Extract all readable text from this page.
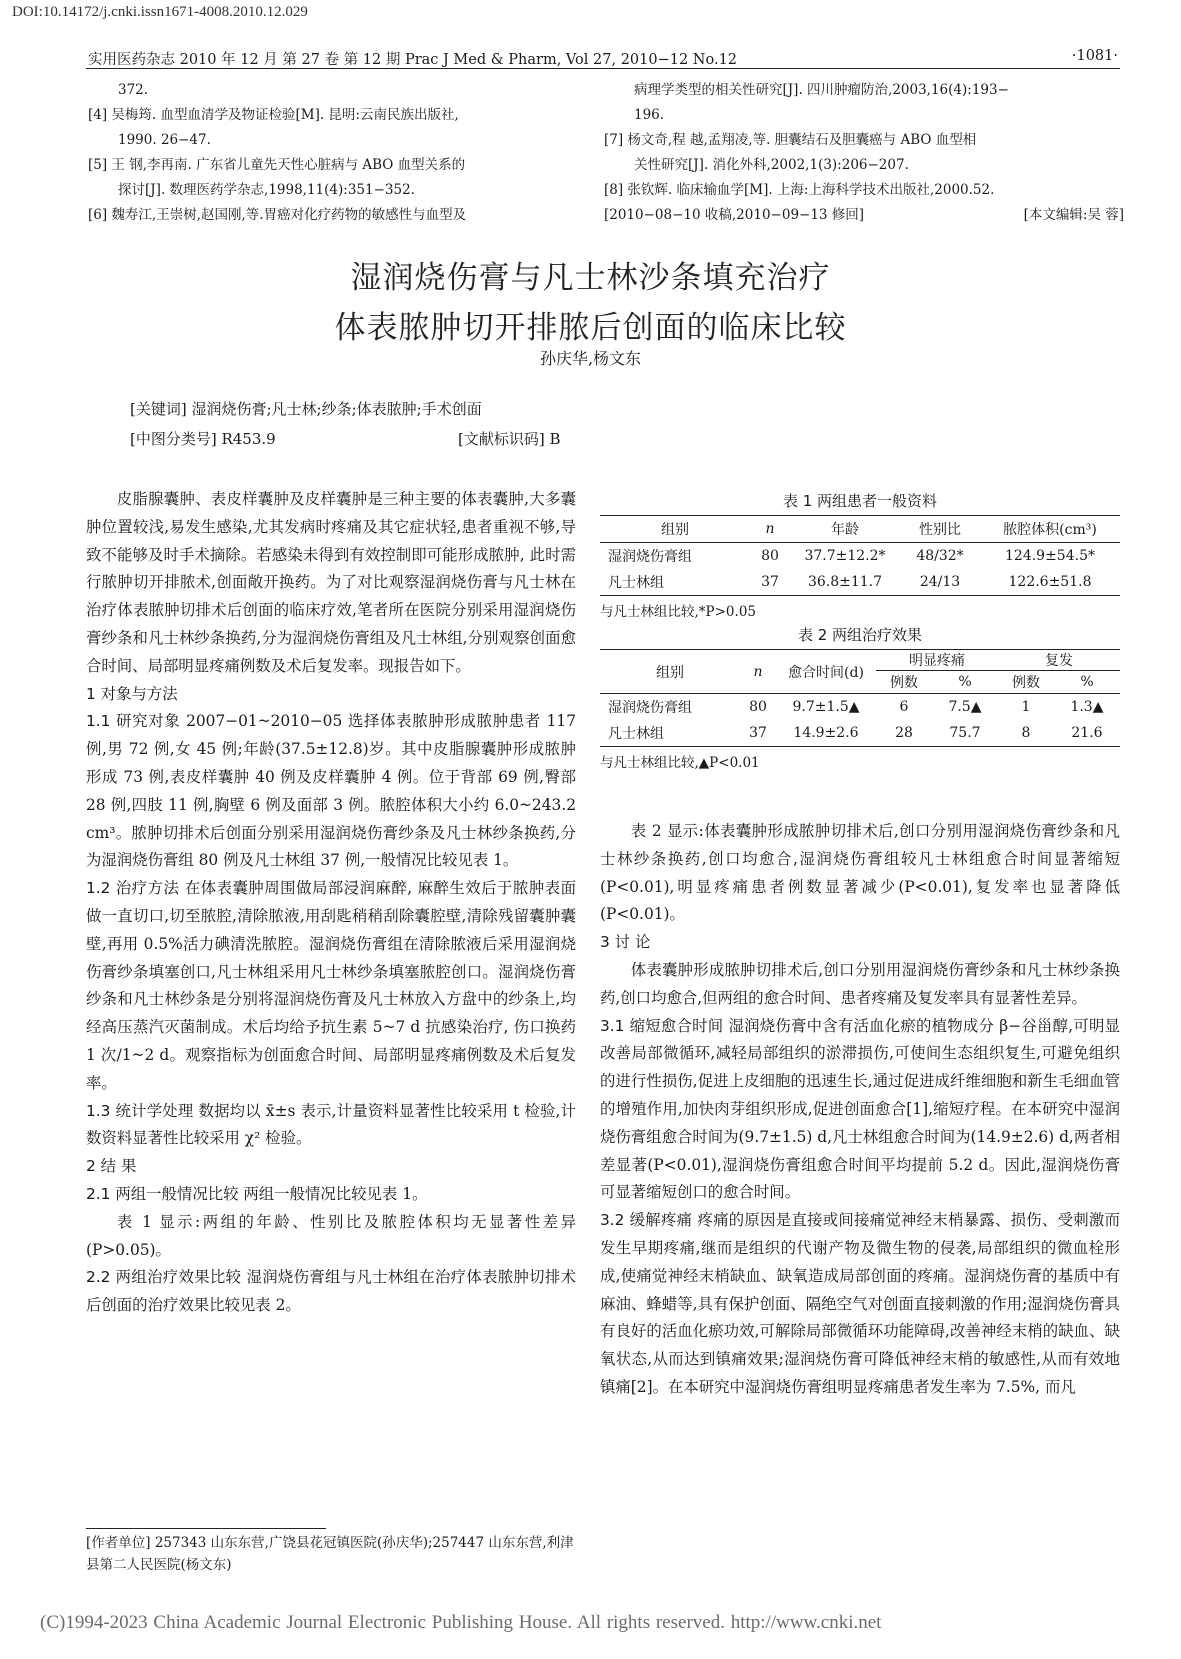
DOI:10.14172/j.cnki.issn1671-4008.2010.12.029
实用医药杂志 2010 年 12 月 第 27 卷 第 12 期 Prac J Med & Pharm, Vol 27, 2010−12 No.12	·1081·

372.

[4] 吴梅筠. 血型血清学及物证检验[M]. 昆明:云南民族出版社,

1990. 26−47.

[5] 王 钢,李再南. 广东省儿童先天性心脏病与 ABO 血型关系的

探讨[J]. 数理医药学杂志,1998,11(4):351−352.

[6] 魏寿江,王崇树,赵国刚,等.胃癌对化疗药物的敏感性与血型及

病理学类型的相关性研究[J]. 四川肿瘤防治,2003,16(4):193−

196.

[7] 杨文奇,程 越,孟翔凌,等. 胆囊结石及胆囊癌与 ABO 血型相

关性研究[J]. 消化外科,2002,1(3):206−207.

[8] 张钦辉. 临床输血学[M]. 上海:上海科学技术出版社,2000.52.

[2010−08−10 收稿,2010−09−13 修回]	[本文编辑:吴 蓉]

湿润烧伤膏与凡士林沙条填充治疗
体表脓肿切开排脓后创面的临床比较
孙庆华,杨文东
[关键词] 湿润烧伤膏;凡士林;纱条;体表脓肿;手术创面
[中图分类号] R453.9	[文献标识码] B

皮脂腺囊肿、表皮样囊肿及皮样囊肿是三种主要的体表囊肿,大多囊肿位置较浅,易发生感染,尤其发病时疼痛及其它症状轻,患者重视不够,导致不能够及时手术摘除。若感染未得到有效控制即可能形成脓肿, 此时需行脓肿切开排脓术,创面敞开换药。为了对比观察湿润烧伤膏与凡士林在治疗体表脓肿切排术后创面的临床疗效,笔者所在医院分别采用湿润烧伤膏纱条和凡士林纱条换药,分为湿润烧伤膏组及凡士林组,分别观察创面愈合时间、局部明显疼痛例数及术后复发率。现报告如下。

1 对象与方法

1.1 研究对象 2007−01~2010−05 选择体表脓肿形成脓肿患者 117 例,男 72 例,女 45 例;年龄(37.5±12.8)岁。其中皮脂腺囊肿形成脓肿形成 73 例,表皮样囊肿 40 例及皮样囊肿 4 例。位于背部 69 例,臀部 28 例,四肢 11 例,胸壁 6 例及面部 3 例。脓腔体积大小约 6.0~243.2 cm³。脓肿切排术后创面分别采用湿润烧伤膏纱条及凡士林纱条换药,分为湿润烧伤膏组 80 例及凡士林组 37 例,一般情况比较见表 1。

1.2 治疗方法 在体表囊肿周围做局部浸润麻醉, 麻醉生效后于脓肿表面做一直切口,切至脓腔,清除脓液,用刮匙稍稍刮除囊腔壁,清除残留囊肿囊壁,再用 0.5%活力碘清洗脓腔。湿润烧伤膏组在清除脓液后采用湿润烧伤膏纱条填塞创口,凡士林组采用凡士林纱条填塞脓腔创口。湿润烧伤膏纱条和凡士林纱条是分别将湿润烧伤膏及凡士林放入方盘中的纱条上,均经高压蒸汽灭菌制成。术后均给予抗生素 5~7 d 抗感染治疗, 伤口换药 1 次/1~2 d。观察指标为创面愈合时间、局部明显疼痛例数及术后复发率。

1.3 统计学处理 数据均以 x̄±s 表示,计量资料显著性比较采用 t 检验,计数资料显著性比较采用 χ² 检验。

2 结 果

2.1 两组一般情况比较 两组一般情况比较见表 1。

表 1 显示:两组的年龄、性别比及脓腔体积均无显著性差异(P>0.05)。

2.2 两组治疗效果比较 湿润烧伤膏组与凡士林组在治疗体表脓肿切排术后创面的治疗效果比较见表 2。

表 1 两组患者一般资料
组别	n	年龄	性别比	脓腔体积(cm³)
湿润烧伤膏组	80	37.7±12.2*	48/32*	124.9±54.5*
凡士林组	37	36.8±11.7	24/13	122.6±51.8
与凡士林组比较,*P>0.05
表 2 两组治疗效果
组别	n	愈合时间(d)	明显疼痛		复发	
			例数	%	例数	%
湿润烧伤膏组	80	9.7±1.5▲	6	7.5▲	1	1.3▲
凡士林组	37	14.9±2.6	28	75.7	8	21.6
与凡士林组比较,▲P<0.01

表 2 显示:体表囊肿形成脓肿切排术后,创口分别用湿润烧伤膏纱条和凡士林纱条换药,创口均愈合,湿润烧伤膏组较凡士林组愈合时间显著缩短(P<0.01),明显疼痛患者例数显著减少(P<0.01),复发率也显著降低(P<0.01)。

3 讨 论

体表囊肿形成脓肿切排术后,创口分别用湿润烧伤膏纱条和凡士林纱条换药,创口均愈合,但两组的愈合时间、患者疼痛及复发率具有显著性差异。

3.1 缩短愈合时间 湿润烧伤膏中含有活血化瘀的植物成分 β−谷甾醇,可明显改善局部微循环,减轻局部组织的淤滞损伤,可使间生态组织复生,可避免组织的进行性损伤,促进上皮细胞的迅速生长,通过促进成纤维细胞和新生毛细血管的增殖作用,加快肉芽组织形成,促进创面愈合[1],缩短疗程。在本研究中湿润烧伤膏组愈合时间为(9.7±1.5) d,凡士林组愈合时间为(14.9±2.6) d,两者相差显著(P<0.01),湿润烧伤膏组愈合时间平均提前 5.2 d。因此,湿润烧伤膏可显著缩短创口的愈合时间。

3.2 缓解疼痛 疼痛的原因是直接或间接痛觉神经末梢暴露、损伤、受刺激而发生早期疼痛,继而是组织的代谢产物及微生物的侵袭,局部组织的微血栓形成,使痛觉神经末梢缺血、缺氧造成局部创面的疼痛。湿润烧伤膏的基质中有麻油、蜂蜡等,具有保护创面、隔绝空气对创面直接刺激的作用;湿润烧伤膏具有良好的活血化瘀功效,可解除局部微循环功能障碍,改善神经末梢的缺血、缺氧状态,从而达到镇痛效果;湿润烧伤膏可降低神经末梢的敏感性,从而有效地镇痛[2]。在本研究中湿润烧伤膏组明显疼痛患者发生率为 7.5%, 而凡

[作者单位] 257343 山东东营,广饶县花冠镇医院(孙庆华);257447 山东东营,利津县第二人民医院(杨文东)
(C)1994-2023 China Academic Journal Electronic Publishing House. All rights reserved. http://www.cnki.net
